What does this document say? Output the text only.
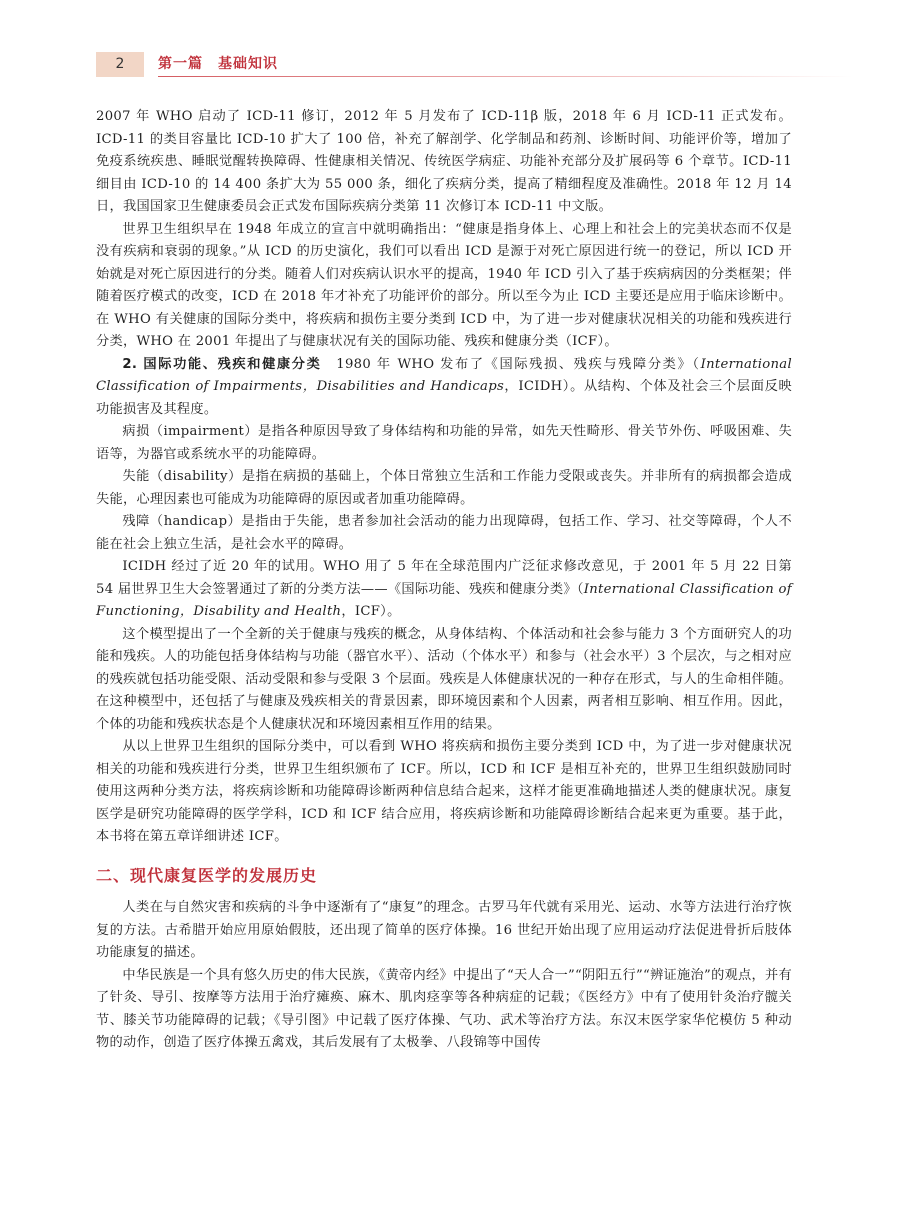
2	第一篇　基础知识

2007 年 WHO 启动了 ICD-11 修订，2012 年 5 月发布了 ICD-11β 版，2018 年 6 月 ICD-11 正式发布。ICD-11 的类目容量比 ICD-10 扩大了 100 倍，补充了解剖学、化学制品和药剂、诊断时间、功能评价等，增加了免疫系统疾患、睡眠觉醒转换障碍、性健康相关情况、传统医学病症、功能补充部分及扩展码等 6 个章节。ICD-11 细目由 ICD-10 的 14 400 条扩大为 55 000 条，细化了疾病分类，提高了精细程度及准确性。2018 年 12 月 14 日，我国国家卫生健康委员会正式发布国际疾病分类第 11 次修订本 ICD-11 中文版。

世界卫生组织早在 1948 年成立的宣言中就明确指出：“健康是指身体上、心理上和社会上的完美状态而不仅是没有疾病和衰弱的现象。”从 ICD 的历史演化，我们可以看出 ICD 是源于对死亡原因进行统一的登记，所以 ICD 开始就是对死亡原因进行的分类。随着人们对疾病认识水平的提高，1940 年 ICD 引入了基于疾病病因的分类框架；伴随着医疗模式的改变，ICD 在 2018 年才补充了功能评价的部分。所以至今为止 ICD 主要还是应用于临床诊断中。在 WHO 有关健康的国际分类中，将疾病和损伤主要分类到 ICD 中，为了进一步对健康状况相关的功能和残疾进行分类，WHO 在 2001 年提出了与健康状况有关的国际功能、残疾和健康分类（ICF）。

2. 国际功能、残疾和健康分类　 1980 年 WHO 发布了《国际残损、残疾与残障分类》（International Classification of Impairments，Disabilities and Handicaps，ICIDH）。从结构、个体及社会三个层面反映功能损害及其程度。

病损（impairment）是指各种原因导致了身体结构和功能的异常，如先天性畸形、骨关节外伤、呼吸困难、失语等，为器官或系统水平的功能障碍。

失能（disability）是指在病损的基础上，个体日常独立生活和工作能力受限或丧失。并非所有的病损都会造成失能，心理因素也可能成为功能障碍的原因或者加重功能障碍。

残障（handicap）是指由于失能，患者参加社会活动的能力出现障碍，包括工作、学习、社交等障碍，个人不能在社会上独立生活，是社会水平的障碍。

ICIDH 经过了近 20 年的试用。WHO 用了 5 年在全球范围内广泛征求修改意见，于 2001 年 5 月 22 日第 54 届世界卫生大会签署通过了新的分类方法——《国际功能、残疾和健康分类》（International Classification of Functioning，Disability and Health，ICF）。

这个模型提出了一个全新的关于健康与残疾的概念，从身体结构、个体活动和社会参与能力 3 个方面研究人的功能和残疾。人的功能包括身体结构与功能（器官水平）、活动（个体水平）和参与（社会水平）3 个层次，与之相对应的残疾就包括功能受限、活动受限和参与受限 3 个层面。残疾是人体健康状况的一种存在形式，与人的生命相伴随。在这种模型中，还包括了与健康及残疾相关的背景因素，即环境因素和个人因素，两者相互影响、相互作用。因此，个体的功能和残疾状态是个人健康状况和环境因素相互作用的结果。

从以上世界卫生组织的国际分类中，可以看到 WHO 将疾病和损伤主要分类到 ICD 中，为了进一步对健康状况相关的功能和残疾进行分类，世界卫生组织颁布了 ICF。所以，ICD 和 ICF 是相互补充的，世界卫生组织鼓励同时使用这两种分类方法，将疾病诊断和功能障碍诊断两种信息结合起来，这样才能更准确地描述人类的健康状况。康复医学是研究功能障碍的医学学科，ICD 和 ICF 结合应用，将疾病诊断和功能障碍诊断结合起来更为重要。基于此，本书将在第五章详细讲述 ICF。

二、现代康复医学的发展历史

人类在与自然灾害和疾病的斗争中逐渐有了“康复”的理念。古罗马年代就有采用光、运动、水等方法进行治疗恢复的方法。古希腊开始应用原始假肢，还出现了简单的医疗体操。16 世纪开始出现了应用运动疗法促进骨折后肢体功能康复的描述。

中华民族是一个具有悠久历史的伟大民族，《黄帝内经》中提出了“天人合一”“阴阳五行”“辨证施治”的观点，并有了针灸、导引、按摩等方法用于治疗瘫痪、麻木、肌肉痉挛等各种病症的记载；《医经方》中有了使用针灸治疗髋关节、膝关节功能障碍的记载；《导引图》中记载了医疗体操、气功、武术等治疗方法。东汉末医学家华佗模仿 5 种动物的动作，创造了医疗体操五禽戏，其后发展有了太极拳、八段锦等中国传
